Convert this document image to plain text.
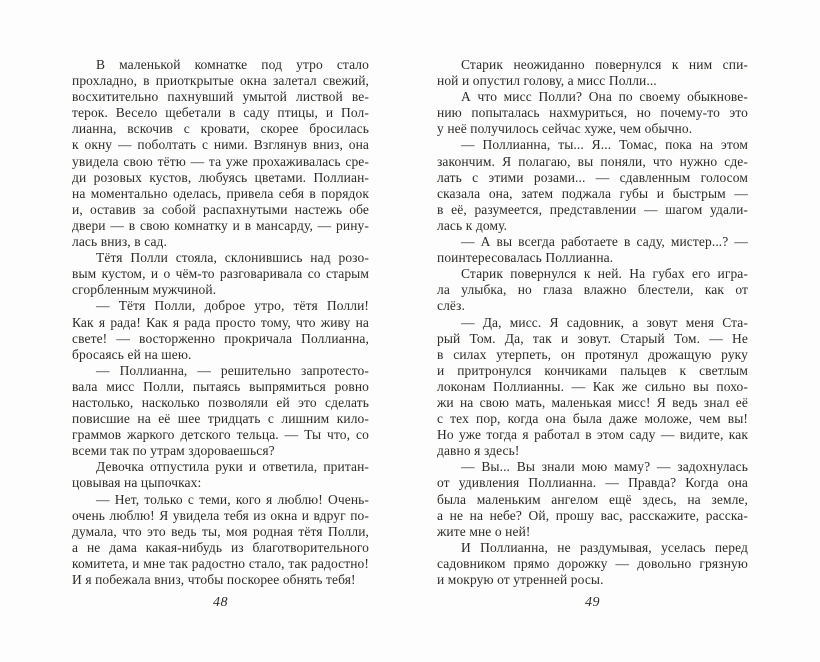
В маленькой комнатке под утро стало
прохладно, в приоткрытые окна залетал свежий,
восхитительно пахнувший умытой листвой ве-
терок. Весело щебетали в саду птицы, и Пол-
лианна, вскочив с кровати, скорее бросилась
к окну — поболтать с ними. Взглянув вниз, она
увидела свою тётю — та уже прохаживалась сре-
ди розовых кустов, любуясь цветами. Поллиан-
на моментально оделась, привела себя в порядок
и, оставив за собой распахнутыми настежь обе
двери — в свою комнатку и в мансарду, — рину-
лась вниз, в сад.
Тётя Полли стояла, склонившись над розо-
вым кустом, и о чём-то разговаривала со старым
сгорбленным мужчиной.
— Тётя Полли, доброе утро, тётя Полли!
Как я рада! Как я рада просто тому, что живу на
свете! — восторженно прокричала Поллианна,
бросаясь ей на шею.
— Поллианна, — решительно запротесто-
вала мисс Полли, пытаясь выпрямиться ровно
настолько, насколько позволяли ей это сделать
повисшие на её шее тридцать с лишним кило-
граммов жаркого детского тельца. — Ты что, со
всеми так по утрам здороваешься?
Девочка отпустила руки и ответила, притан-
цовывая на цыпочках:
— Нет, только с теми, кого я люблю! Очень-
очень люблю! Я увидела тебя из окна и вдруг по-
думала, что это ведь ты, моя родная тётя Полли,
а не дама какая-нибудь из благотворительного
комитета, и мне так радостно стало, так радостно!
И я побежала вниз, чтобы поскорее обнять тебя!
48
Старик неожиданно повернулся к ним спи-
ной и опустил голову, а мисс Полли...
А что мисс Полли? Она по своему обыкнове-
нию попыталась нахмуриться, но почему-то это
у неё получилось сейчас хуже, чем обычно.
— Поллианна, ты... Я... Томас, пока на этом
закончим. Я полагаю, вы поняли, что нужно сде-
лать с этими розами... — сдавленным голосом
сказала она, затем поджала губы и быстрым —
в её, разумеется, представлении — шагом удали-
лась к дому.
— А вы всегда работаете в саду, мистер...? —
поинтересовалась Поллианна.
Старик повернулся к ней. На губах его игра-
ла улыбка, но глаза влажно блестели, как от
слёз.
— Да, мисс. Я садовник, а зовут меня Ста-
рый Том. Да, так и зовут. Старый Том. — Не
в силах утерпеть, он протянул дрожащую руку
и притронулся кончиками пальцев к светлым
локонам Поллианны. — Как же сильно вы похо-
жи на свою мать, маленькая мисс! Я ведь знал её
с тех пор, когда она была даже моложе, чем вы!
Но уже тогда я работал в этом саду — видите, как
давно я здесь!
— Вы... Вы знали мою маму? — задохнулась
от удивления Поллианна. — Правда? Когда она
была маленьким ангелом ещё здесь, на земле,
а не на небе? Ой, прошу вас, расскажите, расска-
жите мне о ней!
И Поллианна, не раздумывая, уселась перед
садовником прямо дорожку — довольно грязную
и мокрую от утренней росы.
49
